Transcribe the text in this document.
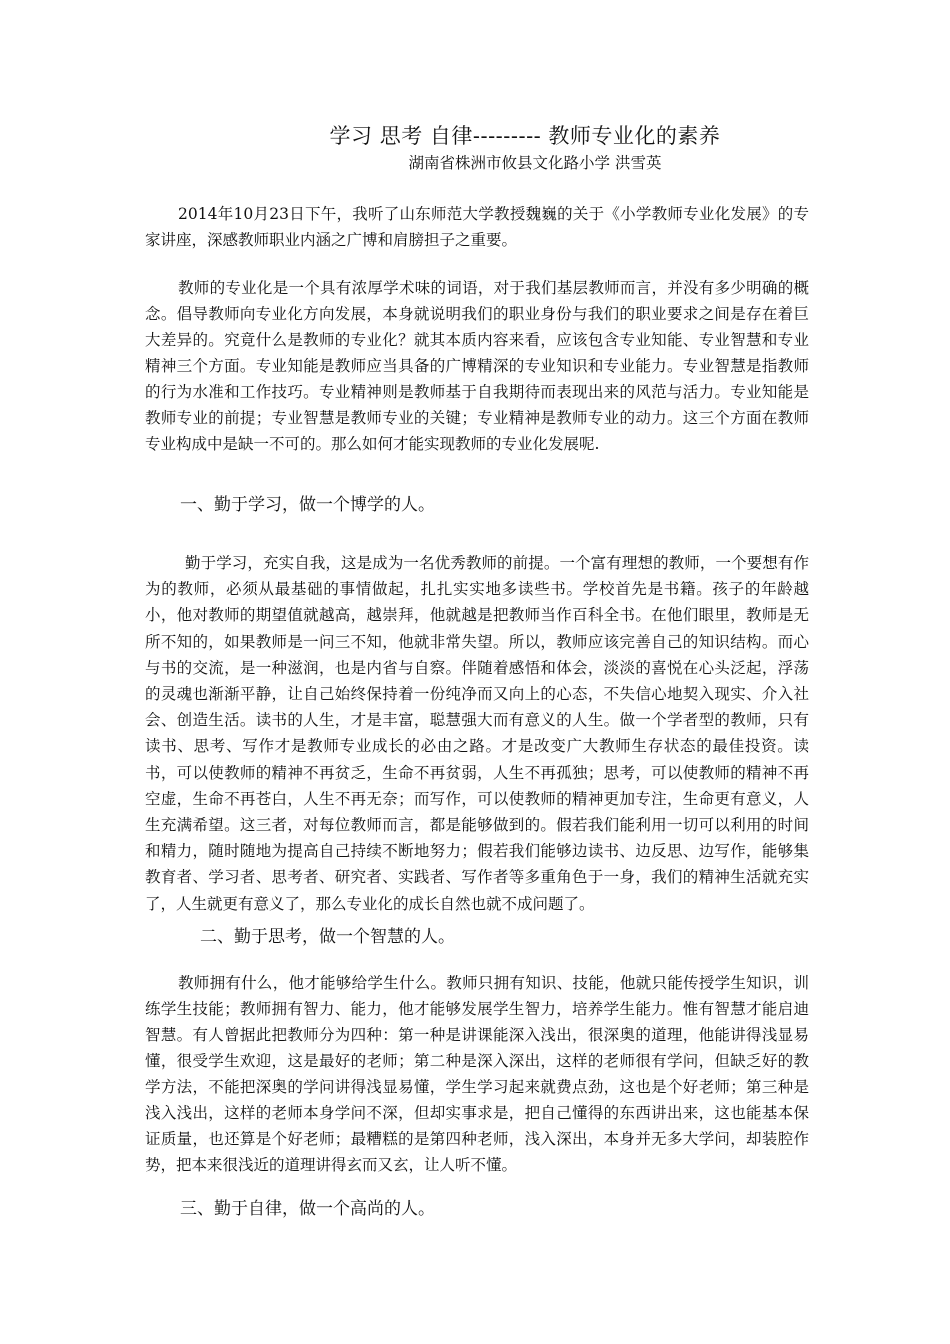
学习 思考 自律--------- 教师专业化的素养
湖南省株洲市攸县文化路小学 洪雪英

2014年10月23日下午，我听了山东师范大学教授魏巍的关于《小学教师专业化发展》的专家讲座，深感教师职业内涵之广博和肩膀担子之重要。

教师的专业化是一个具有浓厚学术味的词语，对于我们基层教师而言，并没有多少明确的概念。倡导教师向专业化方向发展，本身就说明我们的职业身份与我们的职业要求之间是存在着巨大差异的。究竟什么是教师的专业化？就其本质内容来看，应该包含专业知能、专业智慧和专业精神三个方面。专业知能是教师应当具备的广博精深的专业知识和专业能力。专业智慧是指教师的行为水准和工作技巧。专业精神则是教师基于自我期待而表现出来的风范与活力。专业知能是教师专业的前提；专业智慧是教师专业的关键；专业精神是教师专业的动力。这三个方面在教师专业构成中是缺一不可的。那么如何才能实现教师的专业化发展呢.

一、勤于学习，做一个博学的人。

勤于学习，充实自我，这是成为一名优秀教师的前提。一个富有理想的教师，一个要想有作为的教师，必须从最基础的事情做起，扎扎实实地多读些书。学校首先是书籍。孩子的年龄越小，他对教师的期望值就越高，越崇拜，他就越是把教师当作百科全书。在他们眼里，教师是无所不知的，如果教师是一问三不知，他就非常失望。所以，教师应该完善自己的知识结构。而心与书的交流，是一种滋润，也是内省与自察。伴随着感悟和体会，淡淡的喜悦在心头泛起，浮荡的灵魂也渐渐平静，让自己始终保持着一份纯净而又向上的心态，不失信心地契入现实、介入社会、创造生活。读书的人生，才是丰富，聪慧强大而有意义的人生。做一个学者型的教师，只有读书、思考、写作才是教师专业成长的必由之路。才是改变广大教师生存状态的最佳投资。读书，可以使教师的精神不再贫乏，生命不再贫弱，人生不再孤独；思考，可以使教师的精神不再空虚，生命不再苍白，人生不再无奈；而写作，可以使教师的精神更加专注，生命更有意义，人生充满希望。这三者，对每位教师而言，都是能够做到的。假若我们能利用一切可以利用的时间和精力，随时随地为提高自己持续不断地努力；假若我们能够边读书、边反思、边写作，能够集教育者、学习者、思考者、研究者、实践者、写作者等多重角色于一身，我们的精神生活就充实了，人生就更有意义了，那么专业化的成长自然也就不成问题了。

二、勤于思考，做一个智慧的人。

教师拥有什么，他才能够给学生什么。教师只拥有知识、技能，他就只能传授学生知识，训练学生技能；教师拥有智力、能力，他才能够发展学生智力，培养学生能力。惟有智慧才能启迪智慧。有人曾据此把教师分为四种：第一种是讲课能深入浅出，很深奥的道理，他能讲得浅显易懂，很受学生欢迎，这是最好的老师；第二种是深入深出，这样的老师很有学问，但缺乏好的教学方法，不能把深奥的学问讲得浅显易懂，学生学习起来就费点劲，这也是个好老师；第三种是浅入浅出，这样的老师本身学问不深，但却实事求是，把自己懂得的东西讲出来，这也能基本保证质量，也还算是个好老师；最糟糕的是第四种老师，浅入深出，本身并无多大学问，却装腔作势，把本来很浅近的道理讲得玄而又玄，让人听不懂。

三、勤于自律，做一个高尚的人。
